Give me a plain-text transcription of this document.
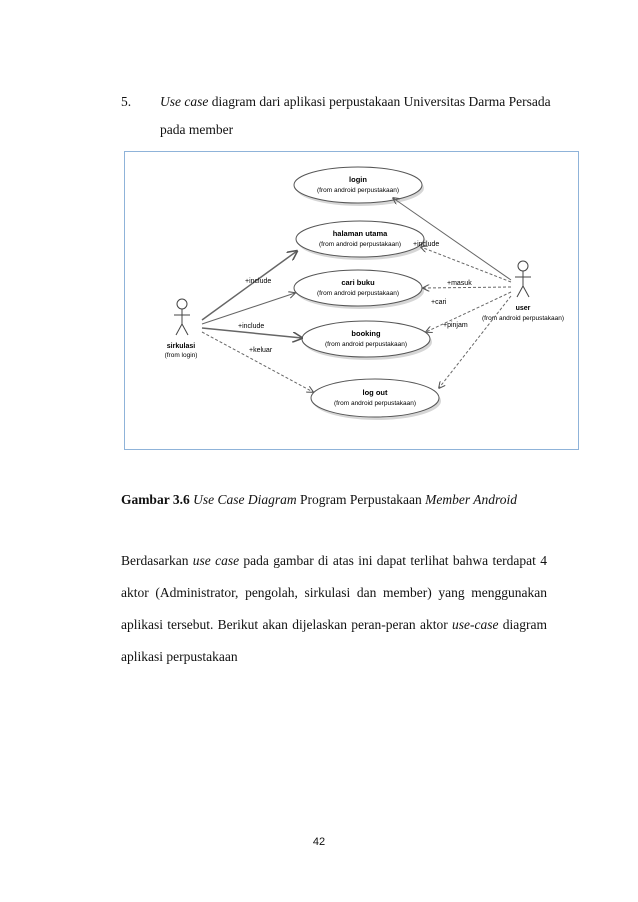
5. Use case diagram dari aplikasi perpustakaan Universitas Darma Persada
pada member
login
(from android perpustakaan)
halaman utama
(from android perpustakaan)
cari buku
(from android perpustakaan)
booking
(from android perpustakaan)
log out
(from android perpustakaan)
sirkulasi
(from login)
user
(from android perpustakaan)
+include
+include
+keluar
+include
+masuk
+cari
+pinjam
Gambar 3.6 Use Case Diagram Program Perpustakaan Member Android

Berdasarkan use case pada gambar di atas ini dapat terlihat bahwa terdapat 4 aktor (Administrator, pengolah, sirkulasi dan member) yang menggunakan aplikasi tersebut. Berikut akan dijelaskan peran-peran aktor use-case diagram aplikasi perpustakaan

42
